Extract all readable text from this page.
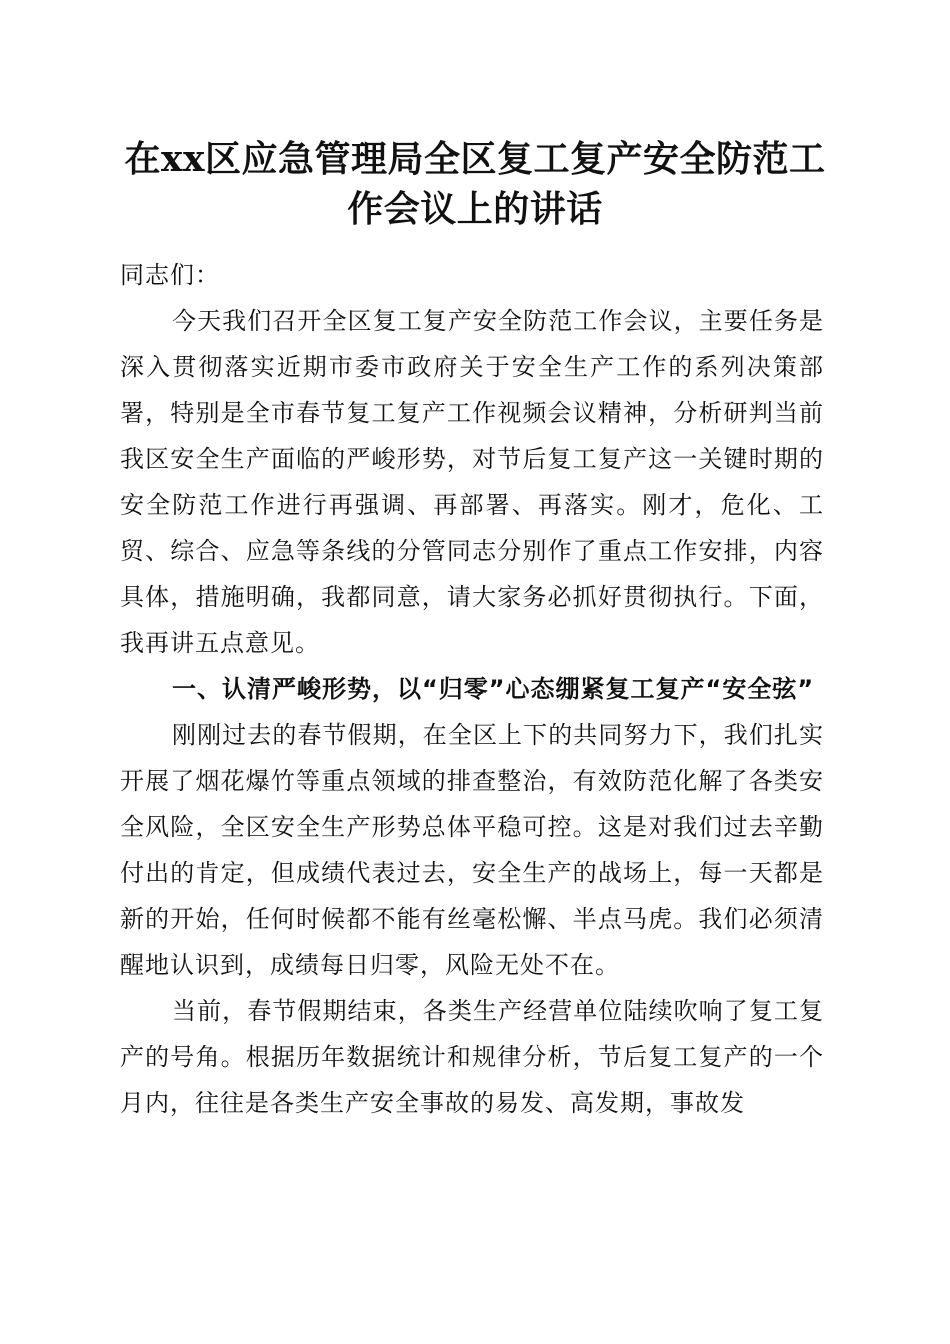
在xx区应急管理局全区复工复产安全防范工
作会议上的讲话

同志们：

今天我们召开全区复工复产安全防范工作会议，主要任务是深入贯彻落实近期市委市政府关于安全生产工作的系列决策部署，特别是全市春节复工复产工作视频会议精神，分析研判当前我区安全生产面临的严峻形势，对节后复工复产这一关键时期的安全防范工作进行再强调、再部署、再落实。刚才，危化、工贸、综合、应急等条线的分管同志分别作了重点工作安排，内容具体，措施明确，我都同意，请大家务必抓好贯彻执行。下面，我再讲五点意见。

一、认清严峻形势，以“归零”心态绷紧复工复产“安全弦”

刚刚过去的春节假期，在全区上下的共同努力下，我们扎实开展了烟花爆竹等重点领域的排查整治，有效防范化解了各类安全风险，全区安全生产形势总体平稳可控。这是对我们过去辛勤付出的肯定，但成绩代表过去，安全生产的战场上，每一天都是新的开始，任何时候都不能有丝毫松懈、半点马虎。我们必须清醒地认识到，成绩每日归零，风险无处不在。

当前，春节假期结束，各类生产经营单位陆续吹响了复工复产的号角。根据历年数据统计和规律分析，节后复工复产的一个月内，往往是各类生产安全事故的易发、高发期，事故发
